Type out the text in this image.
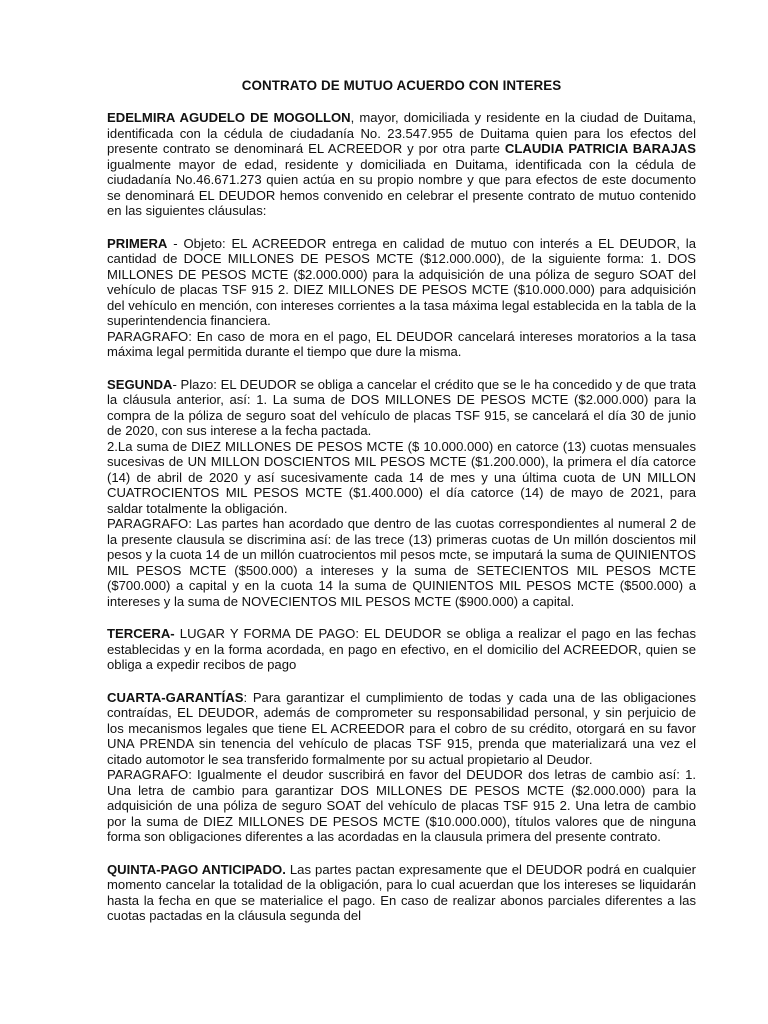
CONTRATO DE MUTUO ACUERDO CON INTERES

EDELMIRA AGUDELO DE MOGOLLON, mayor, domiciliada y residente en la ciudad de Duitama, identificada con la cédula de ciudadanía No. 23.547.955 de Duitama quien para los efectos del presente contrato se denominará EL ACREEDOR y por otra parte CLAUDIA PATRICIA BARAJAS igualmente mayor de edad, residente y domiciliada en Duitama, identificada con la cédula de ciudadanía No.46.671.273 quien actúa en su propio nombre y que para efectos de este documento se denominará EL DEUDOR hemos convenido en celebrar el presente contrato de mutuo contenido en las siguientes cláusulas:

PRIMERA - Objeto: EL ACREEDOR entrega en calidad de mutuo con interés a EL DEUDOR, la cantidad de DOCE MILLONES DE PESOS MCTE ($12.000.000), de la siguiente forma: 1. DOS MILLONES DE PESOS MCTE ($2.000.000) para la adquisición de una póliza de seguro SOAT del vehículo de placas TSF 915 2. DIEZ MILLONES DE PESOS MCTE ($10.000.000) para adquisición del vehículo en mención, con intereses corrientes a la tasa máxima legal establecida en la tabla de la superintendencia financiera.
PARAGRAFO: En caso de mora en el pago, EL DEUDOR cancelará intereses moratorios a la tasa máxima legal permitida durante el tiempo que dure la misma.

SEGUNDA- Plazo: EL DEUDOR se obliga a cancelar el crédito que se le ha concedido y de que trata la cláusula anterior, así: 1. La suma de DOS MILLONES DE PESOS MCTE ($2.000.000) para la compra de la póliza de seguro soat del vehículo de placas TSF 915, se cancelará el día 30 de junio de 2020, con sus interese a la fecha pactada.
2.La suma de DIEZ MILLONES DE PESOS MCTE ($ 10.000.000) en catorce (13) cuotas mensuales sucesivas de UN MILLON DOSCIENTOS MIL PESOS MCTE ($1.200.000), la primera el día catorce (14) de abril de 2020 y así sucesivamente cada 14 de mes y una última cuota de UN MILLON CUATROCIENTOS MIL PESOS MCTE ($1.400.000) el día catorce (14) de mayo de 2021, para saldar totalmente la obligación.
PARAGRAFO: Las partes han acordado que dentro de las cuotas correspondientes al numeral 2 de la presente clausula se discrimina así: de las trece (13) primeras cuotas de Un millón doscientos mil pesos y la cuota 14 de un millón cuatrocientos mil pesos mcte, se imputará la suma de QUINIENTOS MIL PESOS MCTE ($500.000) a intereses y la suma de SETECIENTOS MIL PESOS MCTE ($700.000) a capital y en la cuota 14 la suma de QUINIENTOS MIL PESOS MCTE ($500.000) a intereses y la suma de NOVECIENTOS MIL PESOS MCTE ($900.000) a capital.

TERCERA- LUGAR Y FORMA DE PAGO: EL DEUDOR se obliga a realizar el pago en las fechas establecidas y en la forma acordada, en pago en efectivo, en el domicilio del ACREEDOR, quien se obliga a expedir recibos de pago

CUARTA-GARANTÍAS: Para garantizar el cumplimiento de todas y cada una de las obligaciones contraídas, EL DEUDOR, además de comprometer su responsabilidad personal, y sin perjuicio de los mecanismos legales que tiene EL ACREEDOR para el cobro de su crédito, otorgará en su favor UNA PRENDA sin tenencia del vehículo de placas TSF 915, prenda que materializará una vez el citado automotor le sea transferido formalmente por su actual propietario al Deudor.
PARAGRAFO: Igualmente el deudor suscribirá en favor del DEUDOR dos letras de cambio así: 1. Una letra de cambio para garantizar DOS MILLONES DE PESOS MCTE ($2.000.000) para la adquisición de una póliza de seguro SOAT del vehículo de placas TSF 915 2. Una letra de cambio por la suma de DIEZ MILLONES DE PESOS MCTE ($10.000.000), títulos valores que de ninguna forma son obligaciones diferentes a las acordadas en la clausula primera del presente contrato.

QUINTA-PAGO ANTICIPADO. Las partes pactan expresamente que el DEUDOR podrá en cualquier momento cancelar la totalidad de la obligación, para lo cual acuerdan que los intereses se liquidarán hasta la fecha en que se materialice el pago. En caso de realizar abonos parciales diferentes a las cuotas pactadas en la cláusula segunda del
